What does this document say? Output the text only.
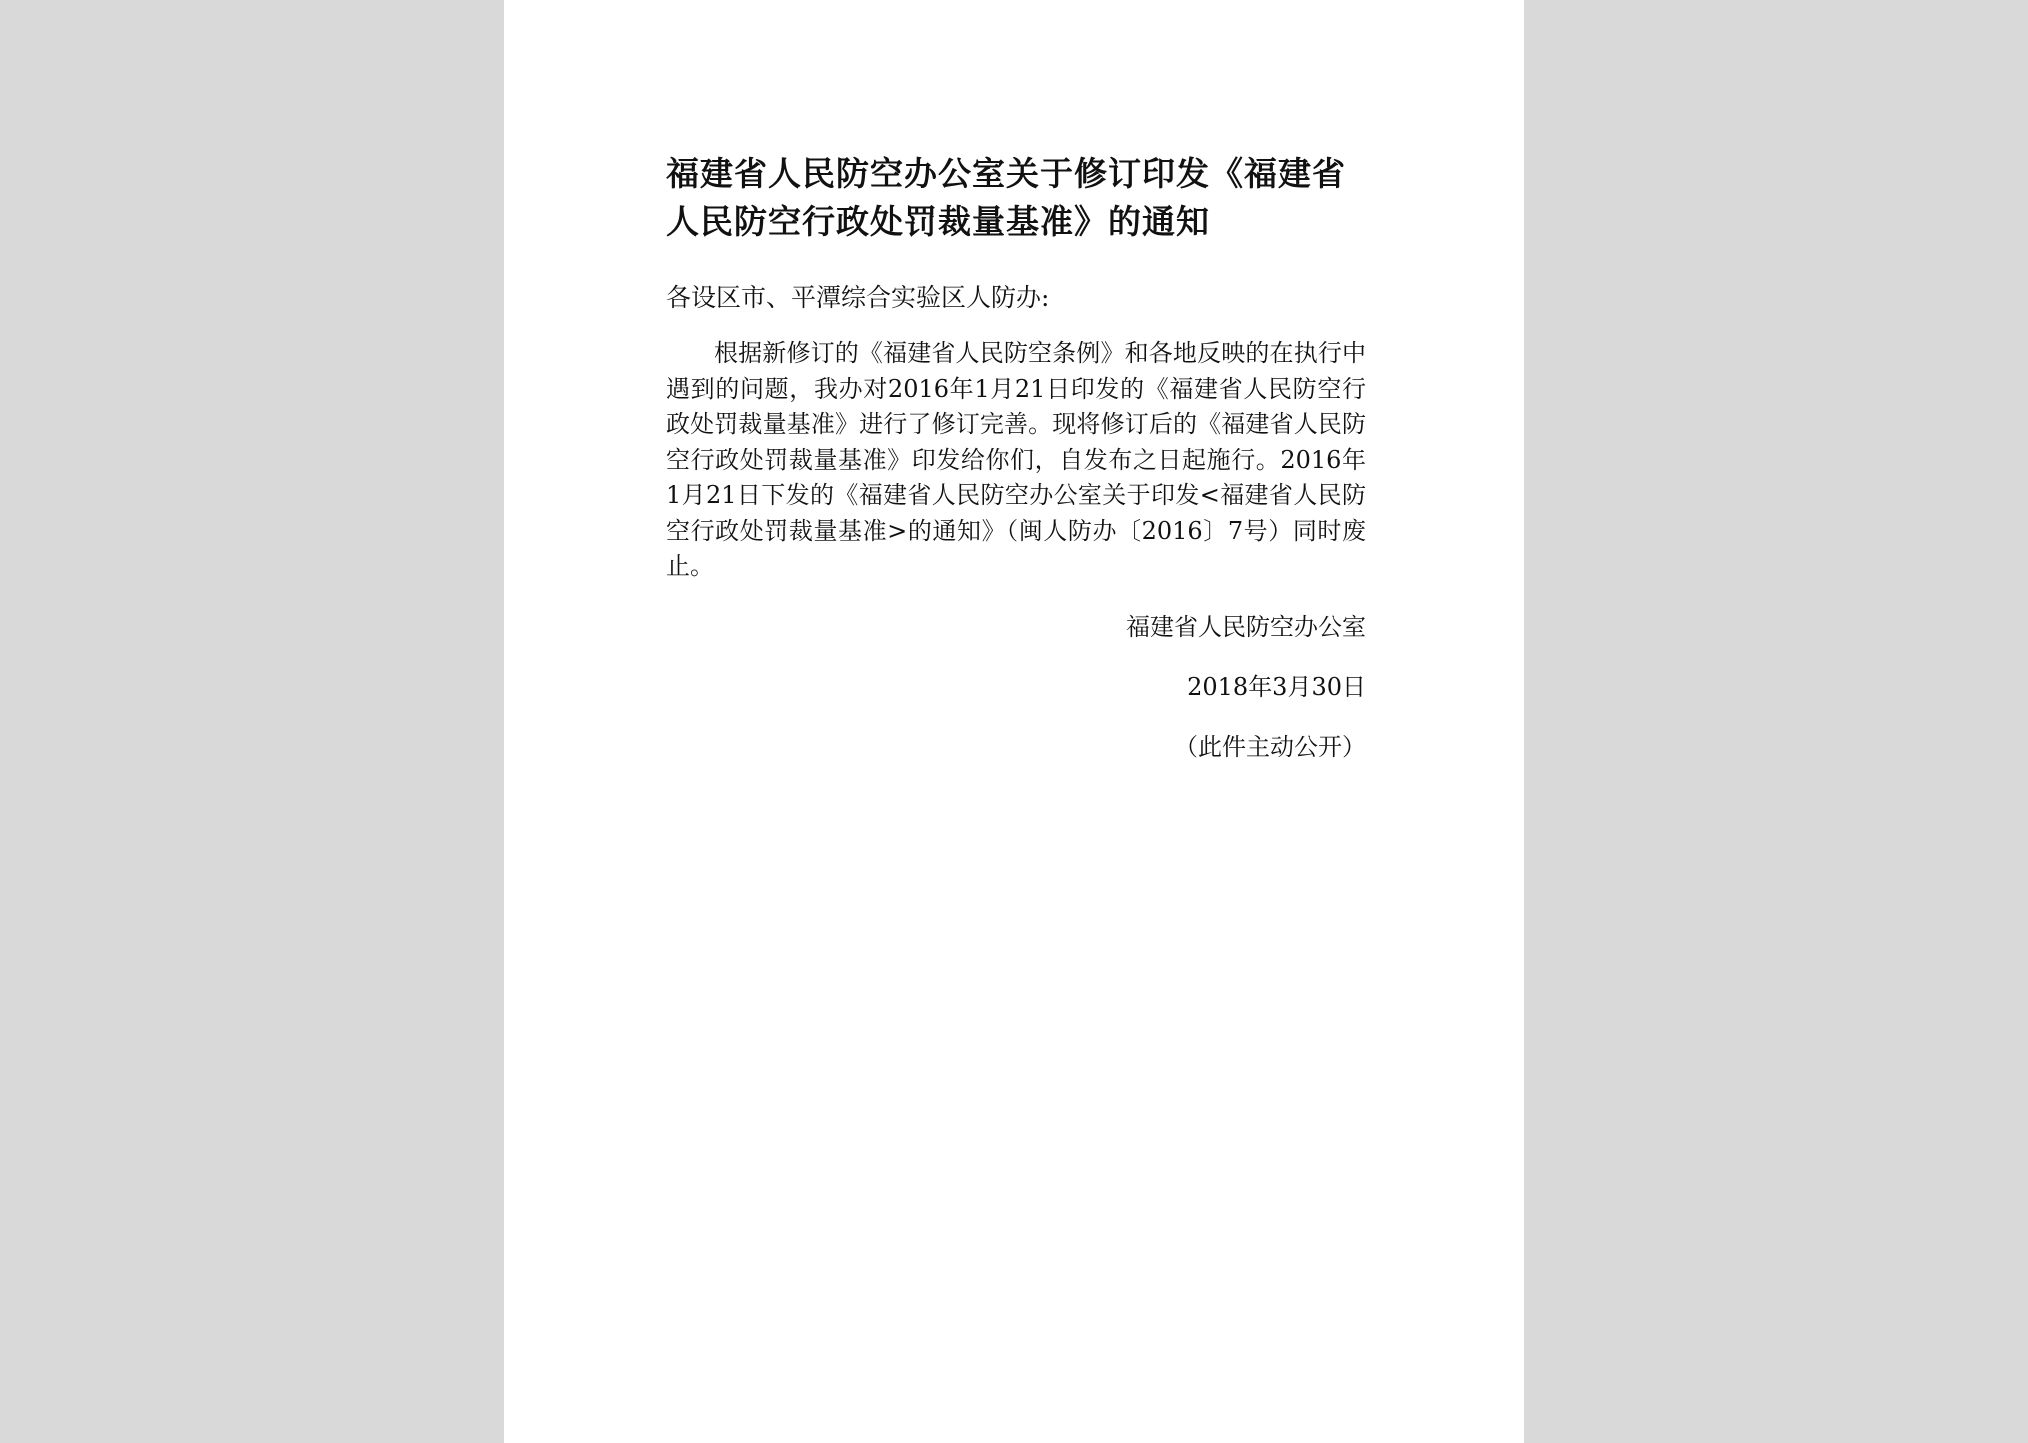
福建省人民防空办公室关于修订印发《福建省人民防空行政处罚裁量基准》的通知

各设区市、平潭综合实验区人防办:

根据新修订的《福建省人民防空条例》和各地反映的在执行中遇到的问题，我办对2016年1月21日印发的《福建省人民防空行政处罚裁量基准》进行了修订完善。现将修订后的《福建省人民防空行政处罚裁量基准》印发给你们，自发布之日起施行。2016年1月21日下发的《福建省人民防空办公室关于印发<福建省人民防空行政处罚裁量基准>的通知》（闽人防办〔2016〕7号）同时废止。

福建省人民防空办公室

2018年3月30日

（此件主动公开）
